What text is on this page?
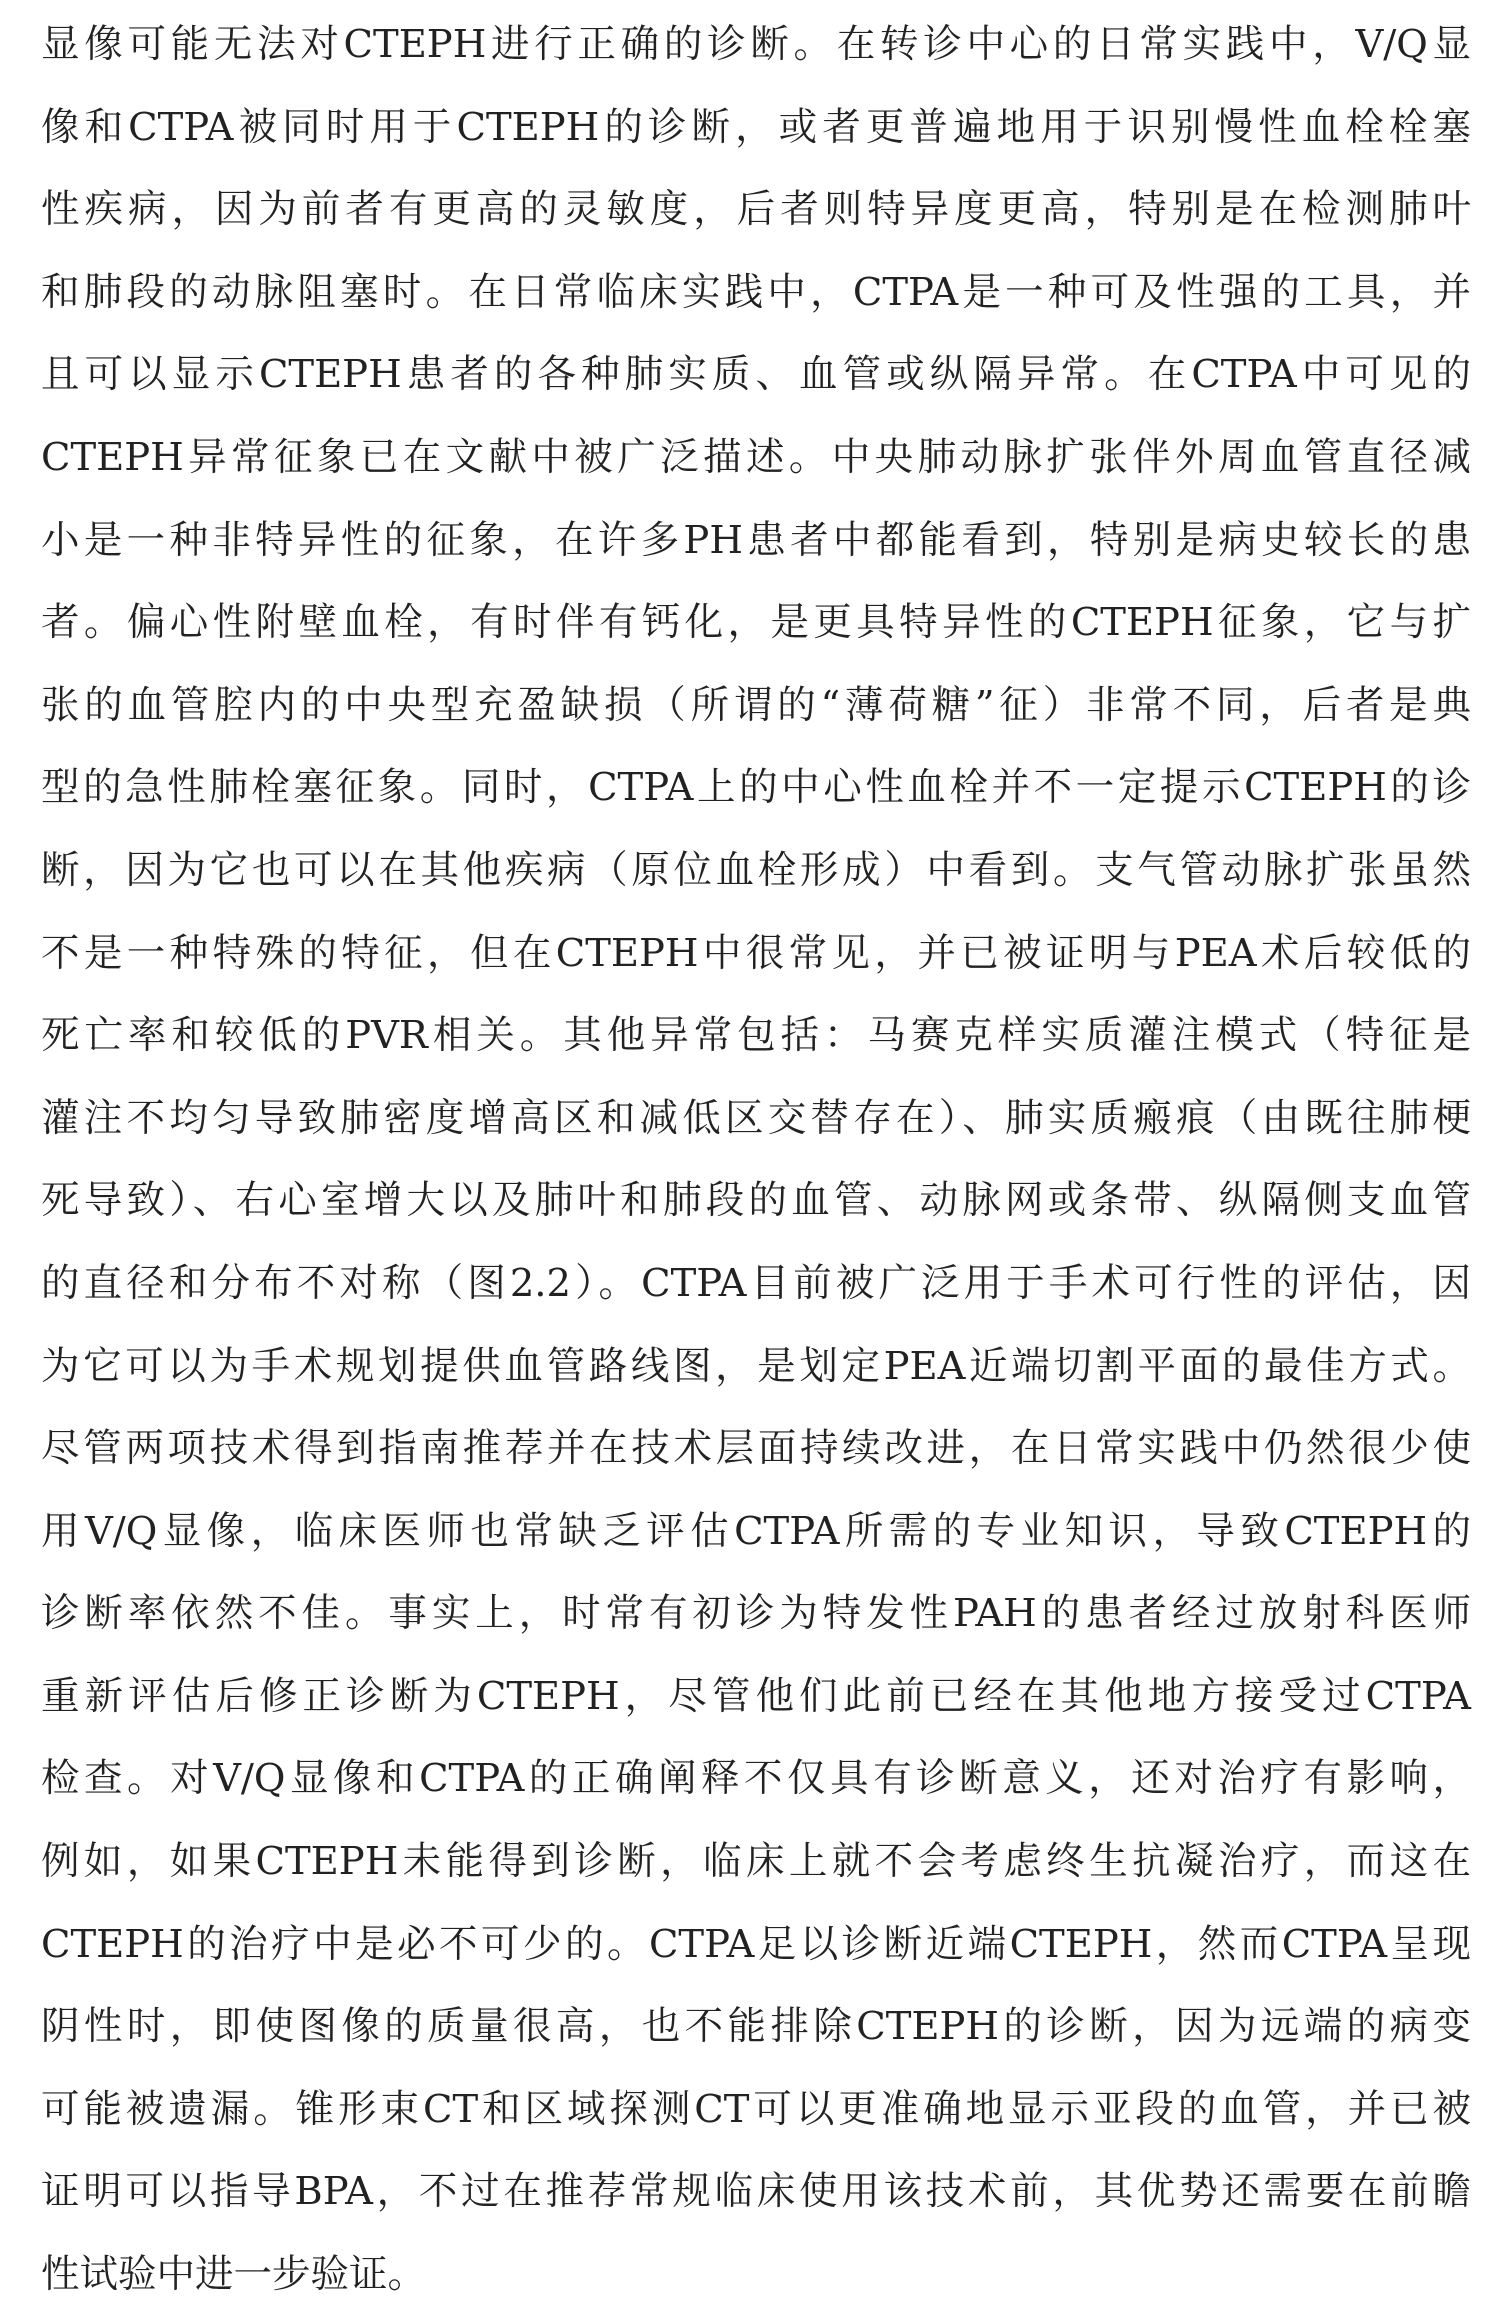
显像可能无法对CTEPH进行正确的诊断。在转诊中心的日常实践中，V/Q显
像和CTPA被同时用于CTEPH的诊断，或者更普遍地用于识别慢性血栓栓塞
性疾病，因为前者有更高的灵敏度，后者则特异度更高，特别是在检测肺叶
和肺段的动脉阻塞时。在日常临床实践中，CTPA是一种可及性强的工具，并
且可以显示CTEPH患者的各种肺实质、血管或纵隔异常。在CTPA中可见的
CTEPH异常征象已在文献中被广泛描述。中央肺动脉扩张伴外周血管直径减
小是一种非特异性的征象，在许多PH患者中都能看到，特别是病史较长的患
者。偏心性附壁血栓，有时伴有钙化，是更具特异性的CTEPH征象，它与扩
张的血管腔内的中央型充盈缺损（所谓的“薄荷糖”征）非常不同，后者是典
型的急性肺栓塞征象。同时，CTPA上的中心性血栓并不一定提示CTEPH的诊
断，因为它也可以在其他疾病（原位血栓形成）中看到。支气管动脉扩张虽然
不是一种特殊的特征，但在CTEPH中很常见，并已被证明与PEA术后较低的
死亡率和较低的PVR相关。其他异常包括：马赛克样实质灌注模式（特征是
灌注不均匀导致肺密度增高区和减低区交替存在）、肺实质瘢痕（由既往肺梗
死导致）、右心室增大以及肺叶和肺段的血管、动脉网或条带、纵隔侧支血管
的直径和分布不对称（图2.2）。CTPA目前被广泛用于手术可行性的评估，因
为它可以为手术规划提供血管路线图，是划定PEA近端切割平面的最佳方式。
尽管两项技术得到指南推荐并在技术层面持续改进，在日常实践中仍然很少使
用V/Q显像，临床医师也常缺乏评估CTPA所需的专业知识，导致CTEPH的
诊断率依然不佳。事实上，时常有初诊为特发性PAH的患者经过放射科医师
重新评估后修正诊断为CTEPH，尽管他们此前已经在其他地方接受过CTPA
检查。对V/Q显像和CTPA的正确阐释不仅具有诊断意义，还对治疗有影响，
例如，如果CTEPH未能得到诊断，临床上就不会考虑终生抗凝治疗，而这在
CTEPH的治疗中是必不可少的。CTPA足以诊断近端CTEPH，然而CTPA呈现
阴性时，即使图像的质量很高，也不能排除CTEPH的诊断，因为远端的病变
可能被遗漏。锥形束CT和区域探测CT可以更准确地显示亚段的血管，并已被
证明可以指导BPA，不过在推荐常规临床使用该技术前，其优势还需要在前瞻
性试验中进一步验证。
